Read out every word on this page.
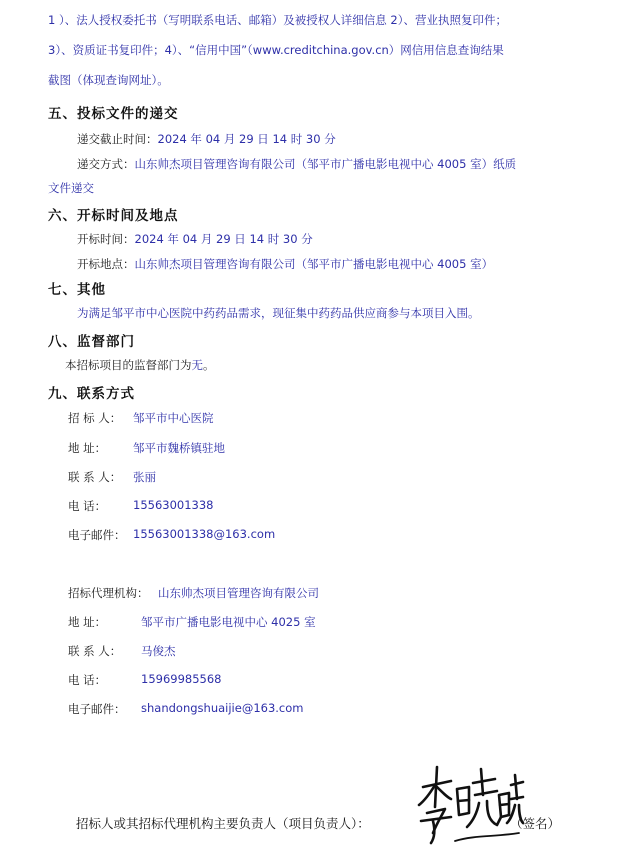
1 ）、法人授权委托书（写明联系电话、邮箱）及被授权人详细信息 2）、营业执照复印件；
3）、资质证书复印件；4）、“信用中国”（www.creditchina.gov.cn）网信用信息查询结果
截图（体现查询网址）。
五、投标文件的递交
递交截止时间：2024 年 04 月 29 日 14 时 30 分
递交方式：山东帅杰项目管理咨询有限公司（邹平市广播电影电视中心 4005 室）纸质
文件递交
六、开标时间及地点
开标时间：2024 年 04 月 29 日 14 时 30 分
开标地点：山东帅杰项目管理咨询有限公司（邹平市广播电影电视中心 4005 室）
七、其他
为满足邹平市中心医院中药药品需求，现征集中药药品供应商参与本项目入围。
八、监督部门
本招标项目的监督部门为无。
九、联系方式
招 标 人： 邹平市中心医院
地 址： 邹平市魏桥镇驻地
联 系 人： 张丽
电 话： 15563001338
电子邮件： 15563001338@163.com
招标代理机构： 山东帅杰项目管理咨询有限公司
地 址：	邹平市广播电影电视中心 4025 室
联 系 人： 马俊杰
电 话：	15969985568
电子邮件： shandongshuaijie@163.com
招标人或其招标代理机构主要负责人（项目负责人）：	（签名）
